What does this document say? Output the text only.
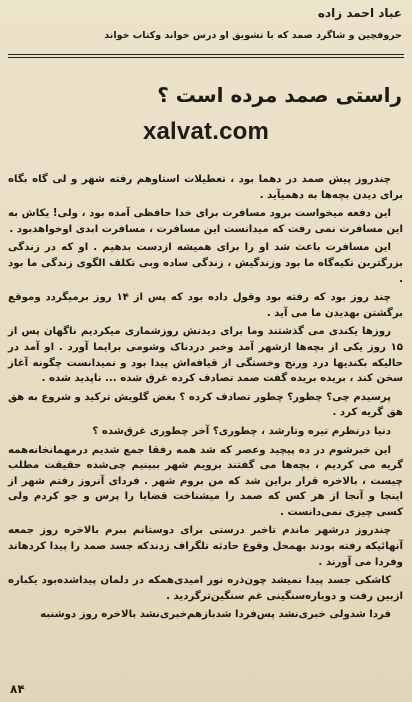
عباد احمد زاده
حروفچین و شاگرد صمد که با تشویق او درس خواند وکتاب خواند
راستی صمد مرده است ؟
xalvat.com

چندروز پیش صمد در دهما بود ، تعطیلات استاوهم رفته شهر و لی گاه بگاه برای دیدن بچه‌ها به دهمیآید .

این دفعه میخواست برود مسافرت برای خدا حافظی آمده بود ، ولی! یکاش به این مسافرت نمی رفت که میدانست این مسافرت ، مسافرت ابدی اوخواهدبود .

این مسافرت باعث شد او را برای همیشه ازدست بدهیم . او که در زندگی بزرگترین تکیه‌گاه ما بود وزندگیش ، زندگی ساده وبی تکلف الگوی زندگی ما بود .

چند روز بود که رفته بود وقول داده بود که پس از ۱۴ روز برمیگردد وموقع برگشتن بهدیدن ما می آید .

روزها یکندی می گذشتند وما برای دیدنش روزشماری میکردیم ناگهان پس از ۱۵ روز یکی از بچه‌ها ازشهر آمد وخبر دردناک وشومی برایما آورد . او آمد در حالیکه بکندیها درد ورنج وخستگی از قیافه‌اش پیدا بود و نمیدانست چگونه آغاز سخن کند ، بریده بریده گفت صمد تصادف کرده غرق شده ... ناپدید شده .

پرسیدم چی؟ چطور؟ چطور تصادف کرده ؟ بغض گلویش ترکید و شروع به هق هق گریه کرد .

دنیا درنظرم تیره وتارشد ، چطوری؟ آخر چطوری غرق‌شده ؟

این خبرشوم در ده پیچید وعصر که شد همه رفقا جمع شدیم درمهمانخانه‌همه گریه می کردیم ، بچه‌ها می گفتند برویم شهر ببینیم چی‌شده حقیقت مطلب چیست ، بالاخره قرار براین شد که من بروم شهر . فردای آنروز رفتم شهر از اینجا و آنجا از هر کس که صمد را میشناخت قضایا را پرس و جو کردم ولی کسی چیزی نمی‌دانست .

چندروز درشهر ماندم تاخبر درستی برای دوستانم ببرم بالاخره روز جمعه آنهائیکه رفته بودند بهمحل وقوع حادثه تلگراف زدندکه جسد صمد را پیدا کردهاند وفردا می آورند .

کاشکی جسد پیدا نمیشد چون‌ذره نور امیدی‌همکه در دلمان پیداشده‌بود یکباره ازبین رفت و دوباره‌سنگینی غم سنگین‌ترگردید .

فردا شدولی خبری‌نشد پس‌فردا شدبازهم‌خبری‌نشد بالاخره روز دوشنبه

۸۴
